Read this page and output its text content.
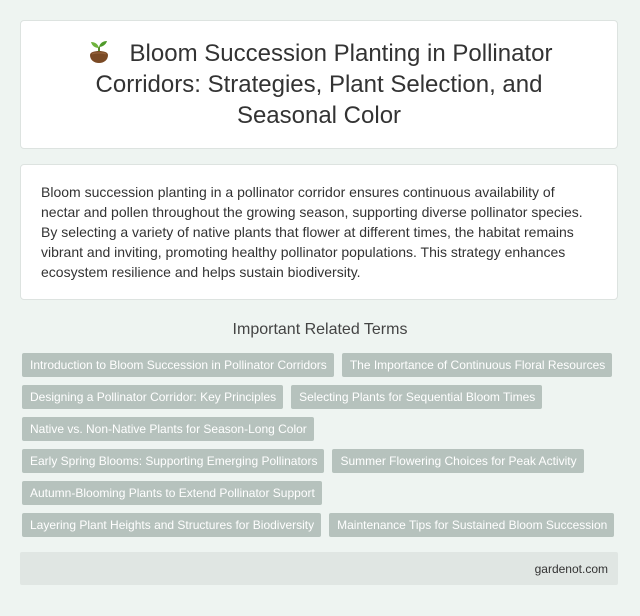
Bloom Succession Planting in Pollinator Corridors: Strategies, Plant Selection, and Seasonal Color

Bloom succession planting in a pollinator corridor ensures continuous availability of nectar and pollen throughout the growing season, supporting diverse pollinator species. By selecting a variety of native plants that flower at different times, the habitat remains vibrant and inviting, promoting healthy pollinator populations. This strategy enhances ecosystem resilience and helps sustain biodiversity.

Important Related Terms
Introduction to Bloom Succession in Pollinator Corridors	The Importance of Continuous Floral Resources
Designing a Pollinator Corridor: Key Principles	Selecting Plants for Sequential Bloom Times
Native vs. Non-Native Plants for Season-Long Color
Early Spring Blooms: Supporting Emerging Pollinators	Summer Flowering Choices for Peak Activity
Autumn-Blooming Plants to Extend Pollinator Support
Layering Plant Heights and Structures for Biodiversity	Maintenance Tips for Sustained Bloom Succession
gardenot.com
